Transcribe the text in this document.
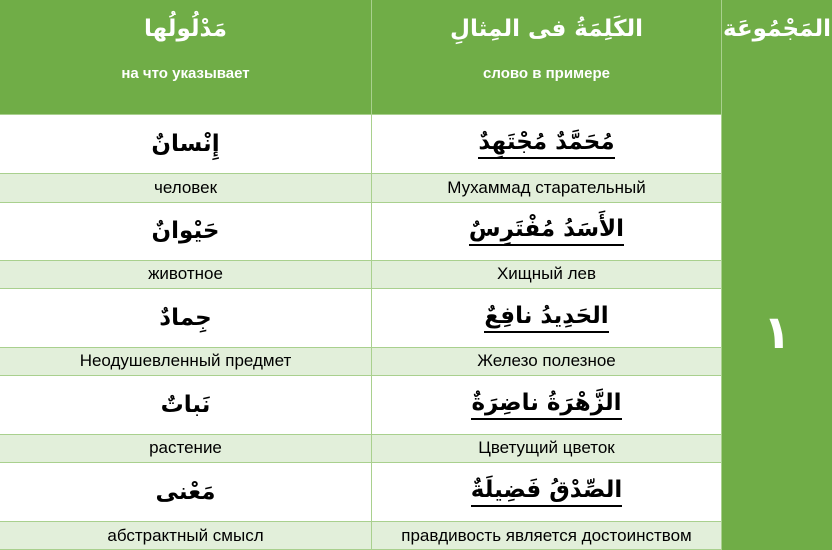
مَدْلُولُها	الكَلِمَةُ فى المِثالِ	المَجْمُوعَة
на что указывает	слово в примере
١
إِنْسانٌ	مُحَمَّدٌ مُجْتَهِدٌ
человек	Мухаммад старательный
حَيْوانٌ	الأَسَدُ مُفْتَرِسٌ
животное	Хищный лев
جِمادٌ	الحَدِيدُ نافِعٌ
Неодушевленный предмет	Железо полезное
نَباتٌ	الزَّهْرَةُ ناضِرَةٌ
растение	Цветущий цветок
مَعْنى	الصِّدْقُ فَضِيلَةٌ
абстрактный смысл	правдивость является достоинством
